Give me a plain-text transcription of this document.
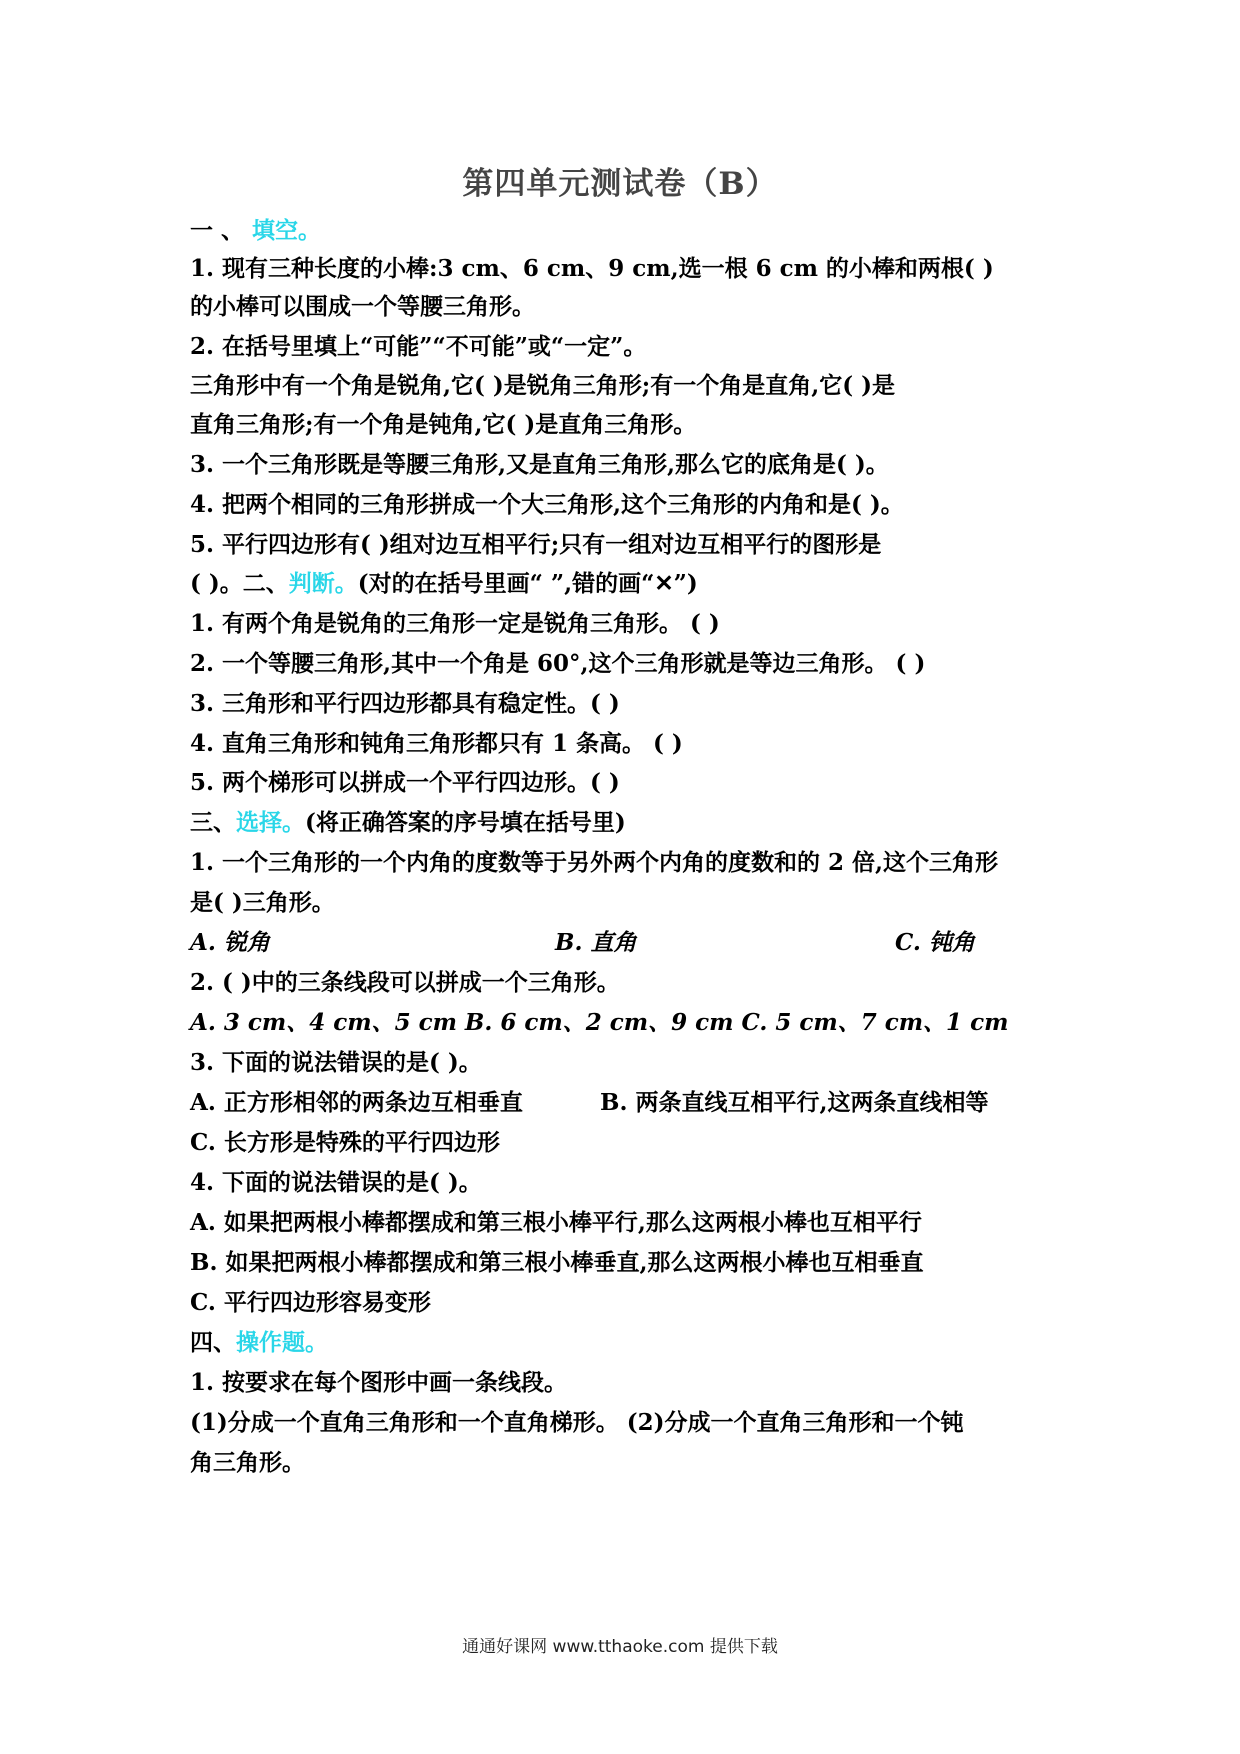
第四单元测试卷（B）
一 、 填空。
1. 现有三种长度的小棒:3 cm、6 cm、9 cm,选一根 6 cm 的小棒和两根( )
的小棒可以围成一个等腰三角形。
2. 在括号里填上“可能”“不可能”或“一定”。
三角形中有一个角是锐角,它( )是锐角三角形;有一个角是直角,它( )是
直角三角形;有一个角是钝角,它( )是直角三角形。
3. 一个三角形既是等腰三角形,又是直角三角形,那么它的底角是( )。
4. 把两个相同的三角形拼成一个大三角形,这个三角形的内角和是( )。
5. 平行四边形有( )组对边互相平行;只有一组对边互相平行的图形是
( )。二、判断。(对的在括号里画“ ”,错的画“✕”)
1. 有两个角是锐角的三角形一定是锐角三角形。 ( )
2. 一个等腰三角形,其中一个角是 60°,这个三角形就是等边三角形。 ( )
3. 三角形和平行四边形都具有稳定性。( )
4. 直角三角形和钝角三角形都只有 1 条高。 ( )
5. 两个梯形可以拼成一个平行四边形。( )
三、选择。(将正确答案的序号填在括号里)
1. 一个三角形的一个内角的度数等于另外两个内角的度数和的 2 倍,这个三角形
是( )三角形。
A. 锐角	B. 直角	C. 钝角
2. ( )中的三条线段可以拼成一个三角形。
A. 3 cm、4 cm、5 cm B. 6 cm、2 cm、9 cm C. 5 cm、7 cm、1 cm
3. 下面的说法错误的是( )。
A. 正方形相邻的两条边互相垂直	B. 两条直线互相平行,这两条直线相等
C. 长方形是特殊的平行四边形
4. 下面的说法错误的是( )。
A. 如果把两根小棒都摆成和第三根小棒平行,那么这两根小棒也互相平行
B. 如果把两根小棒都摆成和第三根小棒垂直,那么这两根小棒也互相垂直
C. 平行四边形容易变形
四、操作题。
1. 按要求在每个图形中画一条线段。
(1)分成一个直角三角形和一个直角梯形。 (2)分成一个直角三角形和一个钝
角三角形。
通通好课网 www.tthaoke.com 提供下载
